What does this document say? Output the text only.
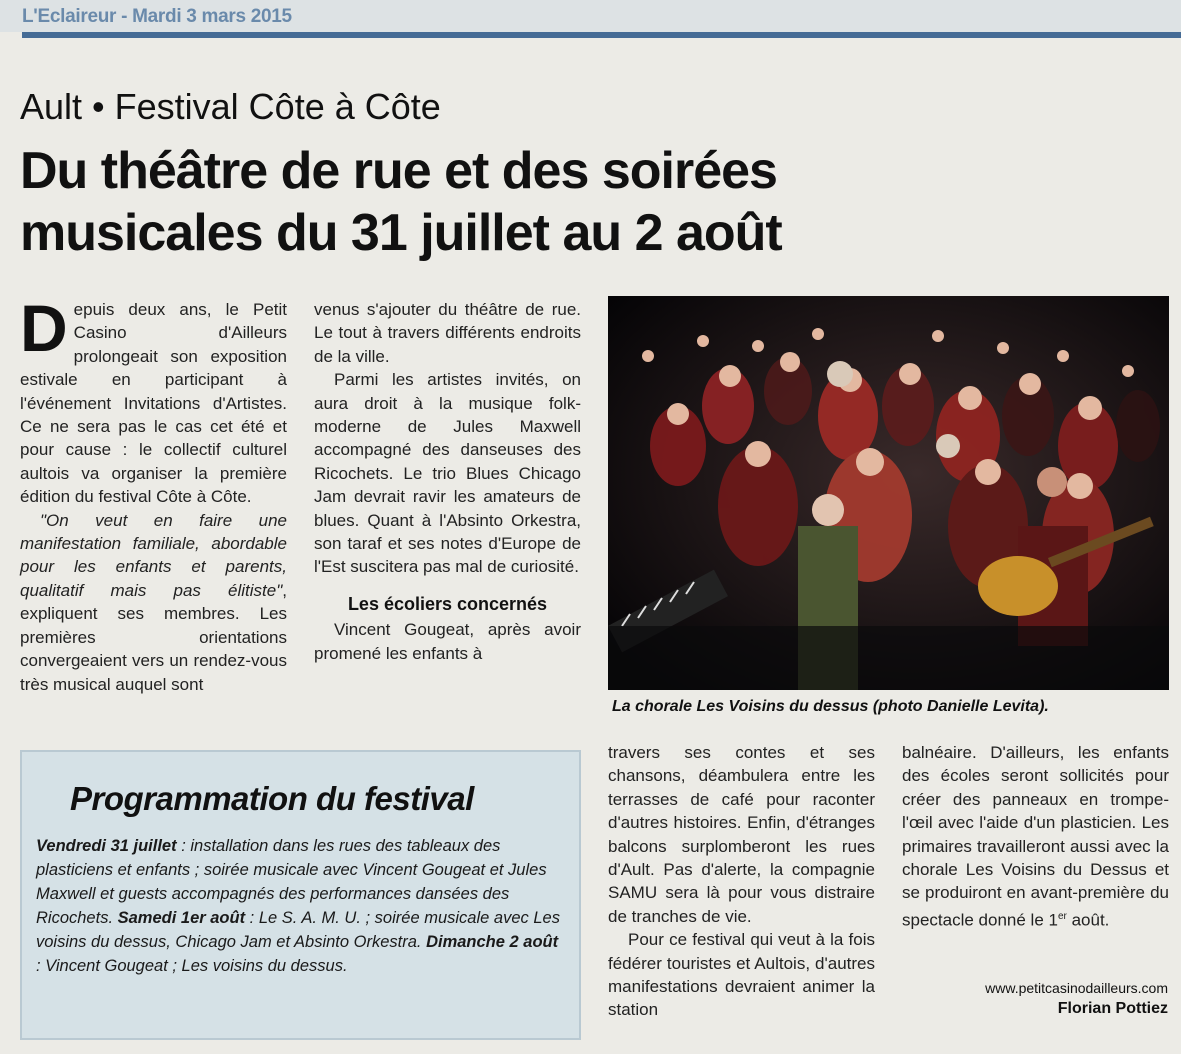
L'Eclaireur - Mardi 3 mars 2015
Ault • Festival Côte à Côte
Du théâtre de rue et des soirées
musicales du 31 juillet au 2 août

Depuis deux ans, le Petit Casino d'Ailleurs prolongeait son exposition estivale en participant à l'événement Invitations d'Artistes. Ce ne sera pas le cas cet été et pour cause : le collectif culturel aultois va organiser la première édition du festival Côte à Côte.

"On veut en faire une manifestation familiale, abordable pour les enfants et parents, qualitatif mais pas élitiste", expliquent ses membres. Les premières orientations convergeaient vers un rendez-vous très musical auquel sont

venus s'ajouter du théâtre de rue. Le tout à travers différents endroits de la ville.

Parmi les artistes invités, on aura droit à la musique folk-moderne de Jules Maxwell accompagné des danseuses des Ricochets. Le trio Blues Chicago Jam devrait ravir les amateurs de blues. Quant à l'Absinto Orkestra, son taraf et ses notes d'Europe de l'Est suscitera pas mal de curiosité.

Les écoliers concernés

Vincent Gougeat, après avoir promené les enfants à

La chorale Les Voisins du dessus (photo Danielle Levita).
Programmation du festival
Vendredi 31 juillet : installation dans les rues des tableaux des plasticiens et enfants ; soirée musicale avec Vincent Gougeat et Jules Maxwell et guests accompagnés des performances dansées des Ricochets. Samedi 1er août : Le S. A. M. U. ; soirée musicale avec Les voisins du dessus, Chicago Jam et Absinto Orkestra. Dimanche 2 août : Vincent Gougeat ; Les voisins du dessus.

travers ses contes et ses chansons, déambulera entre les terrasses de café pour raconter d'autres histoires. Enfin, d'étranges balcons surplomberont les rues d'Ault. Pas d'alerte, la compagnie SAMU sera là pour vous distraire de tranches de vie.

Pour ce festival qui veut à la fois fédérer touristes et Aultois, d'autres manifestations devraient animer la station

balnéaire. D'ailleurs, les enfants des écoles seront sollicités pour créer des panneaux en trompe-l'œil avec l'aide d'un plasticien. Les primaires travailleront aussi avec la chorale Les Voisins du Dessus et se produiront en avant-première du spectacle donné le 1er août.

www.petitcasinodailleurs.com
Florian Pottiez
